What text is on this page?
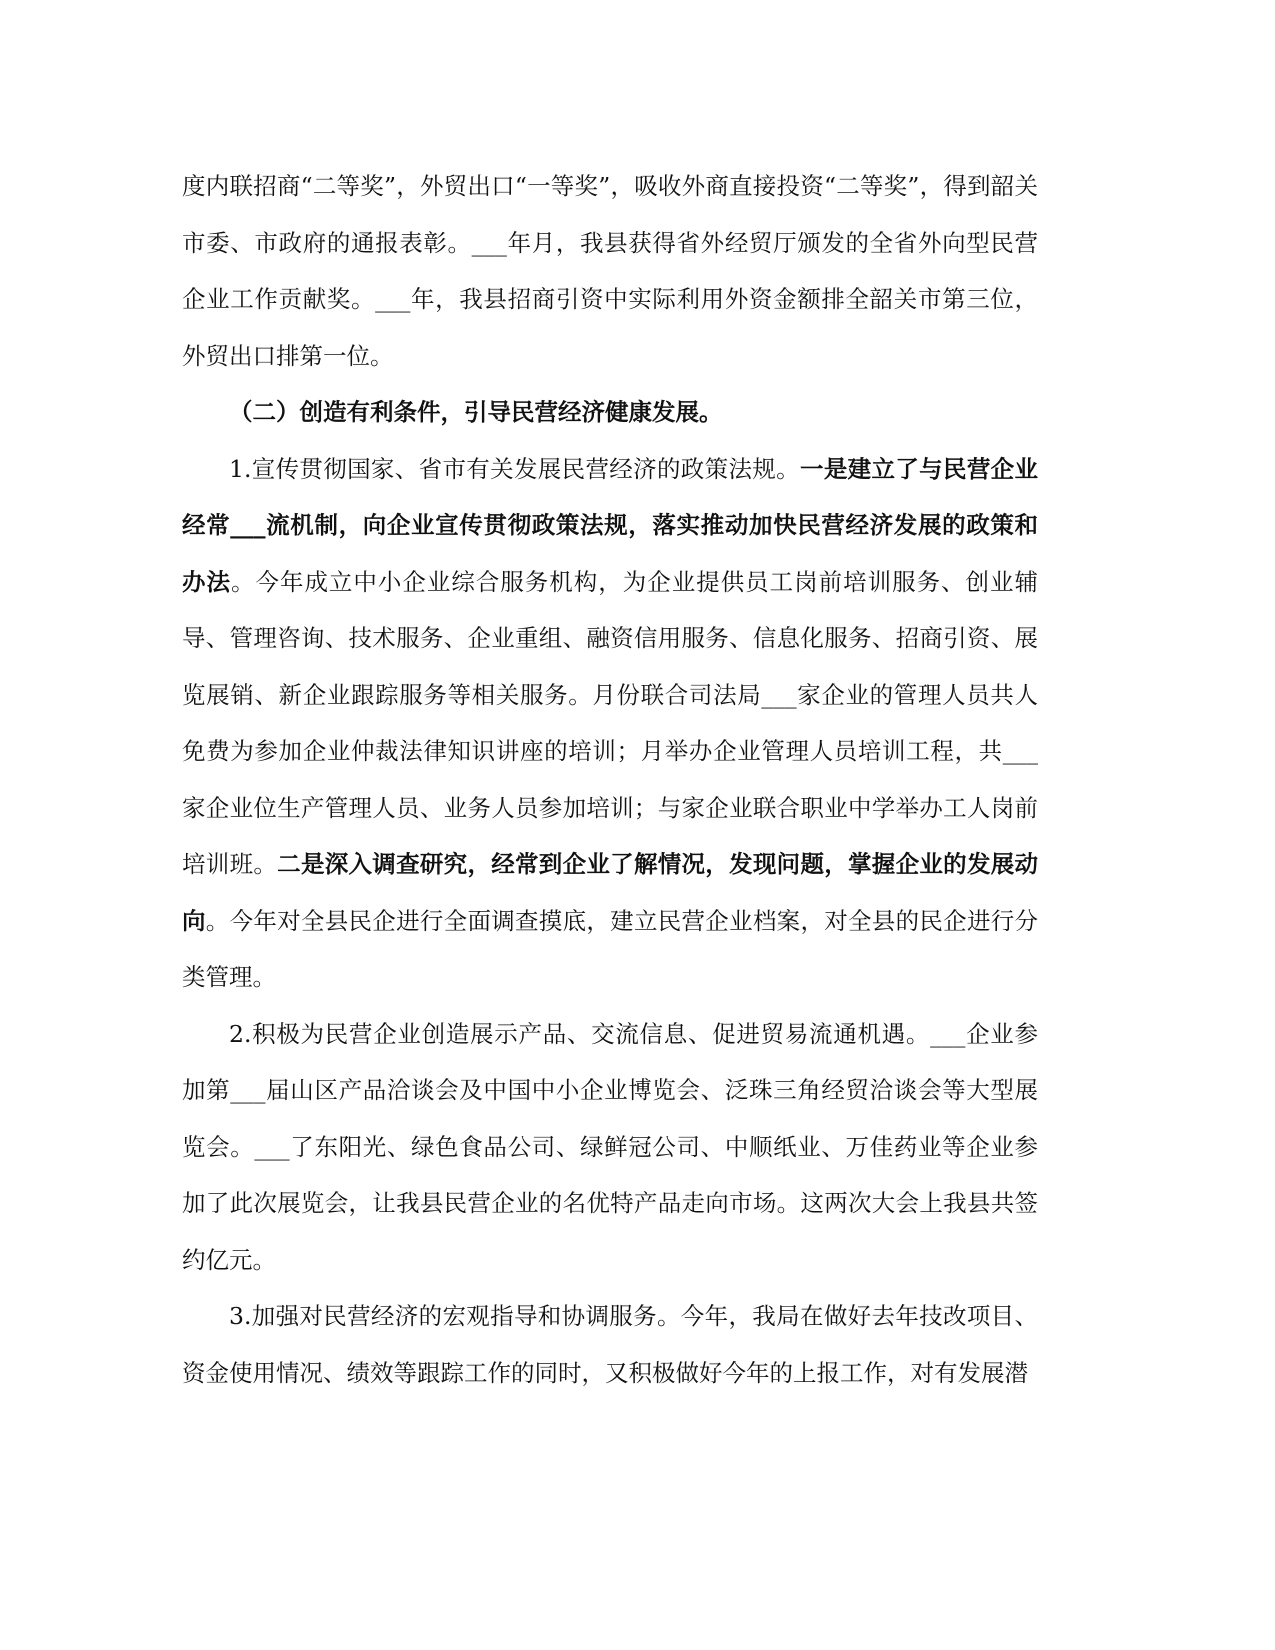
度内联招商“二等奖”，外贸出口“一等奖”，吸收外商直接投资“二等奖”，得到韶关市委、市政府的通报表彰。___年月，我县获得省外经贸厅颁发的全省外向型民营企业工作贡献奖。___年，我县招商引资中实际利用外资金额排全韶关市第三位，外贸出口排第一位。

（二）创造有利条件，引导民营经济健康发展。

1.宣传贯彻国家、省市有关发展民营经济的政策法规。一是建立了与民营企业经常___流机制，向企业宣传贯彻政策法规，落实推动加快民营经济发展的政策和办法。今年成立中小企业综合服务机构，为企业提供员工岗前培训服务、创业辅导、管理咨询、技术服务、企业重组、融资信用服务、信息化服务、招商引资、展览展销、新企业跟踪服务等相关服务。月份联合司法局___家企业的管理人员共人免费为参加企业仲裁法律知识讲座的培训；月举办企业管理人员培训工程，共___家企业位生产管理人员、业务人员参加培训；与家企业联合职业中学举办工人岗前培训班。二是深入调查研究，经常到企业了解情况，发现问题，掌握企业的发展动向。今年对全县民企进行全面调查摸底，建立民营企业档案，对全县的民企进行分类管理。

2.积极为民营企业创造展示产品、交流信息、促进贸易流通机遇。___企业参加第___届山区产品洽谈会及中国中小企业博览会、泛珠三角经贸洽谈会等大型展览会。___了东阳光、绿色食品公司、绿鲜冠公司、中顺纸业、万佳药业等企业参加了此次展览会，让我县民营企业的名优特产品走向市场。这两次大会上我县共签约亿元。

3.加强对民营经济的宏观指导和协调服务。今年，我局在做好去年技改项目、资金使用情况、绩效等跟踪工作的同时，又积极做好今年的上报工作，对有发展潜
